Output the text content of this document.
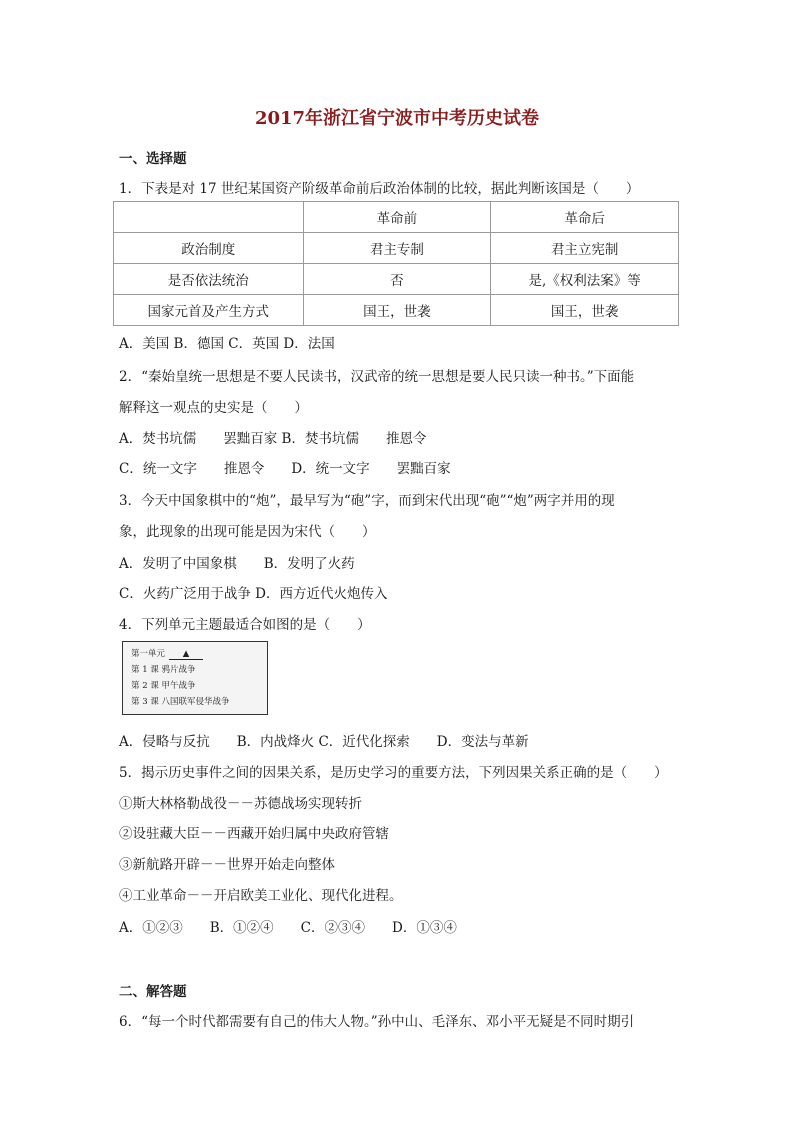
2017年浙江省宁波市中考历史试卷
一、选择题
1．下表是对 17 世纪某国资产阶级革命前后政治体制的比较，据此判断该国是（　　）
	革命前	革命后
政治制度	君主专制	君主立宪制
是否依法统治	否	是,《权利法案》等
国家元首及产生方式	国王，世袭	国王，世袭
A．美国 B．德国 C．英国 D．法国
2．“秦始皇统一思想是不要人民读书，汉武帝的统一思想是要人民只读一种书。”下面能
解释这一观点的史实是（　　）
A．焚书坑儒　　罢黜百家 B．焚书坑儒　　推恩令
C．统一文字　　推恩令　　D．统一文字　　罢黜百家
3．今天中国象棋中的“炮”，最早写为“砲”字，而到宋代出现“砲”“炮”两字并用的现
象，此现象的出现可能是因为宋代（　　）
A．发明了中国象棋　　B．发明了火药
C．火药广泛用于战争 D．西方近代火炮传入
4．下列单元主题最适合如图的是（　　）
第一单元 ▲
第 1 课 鸦片战争
第 2 课 甲午战争
第 3 课 八国联军侵华战争
A．侵略与反抗　　B．内战烽火 C．近代化探索　　D．变法与革新
5．揭示历史事件之间的因果关系，是历史学习的重要方法，下列因果关系正确的是（　　）
①斯大林格勒战役－－苏德战场实现转折
②设驻藏大臣－－西藏开始归属中央政府管辖
③新航路开辟－－世界开始走向整体
④工业革命－－开启欧美工业化、现代化进程。
A．①②③　　B．①②④　　C．②③④　　D．①③④
二、解答题
6．“每一个时代都需要有自己的伟大人物。”孙中山、毛泽东、邓小平无疑是不同时期引
